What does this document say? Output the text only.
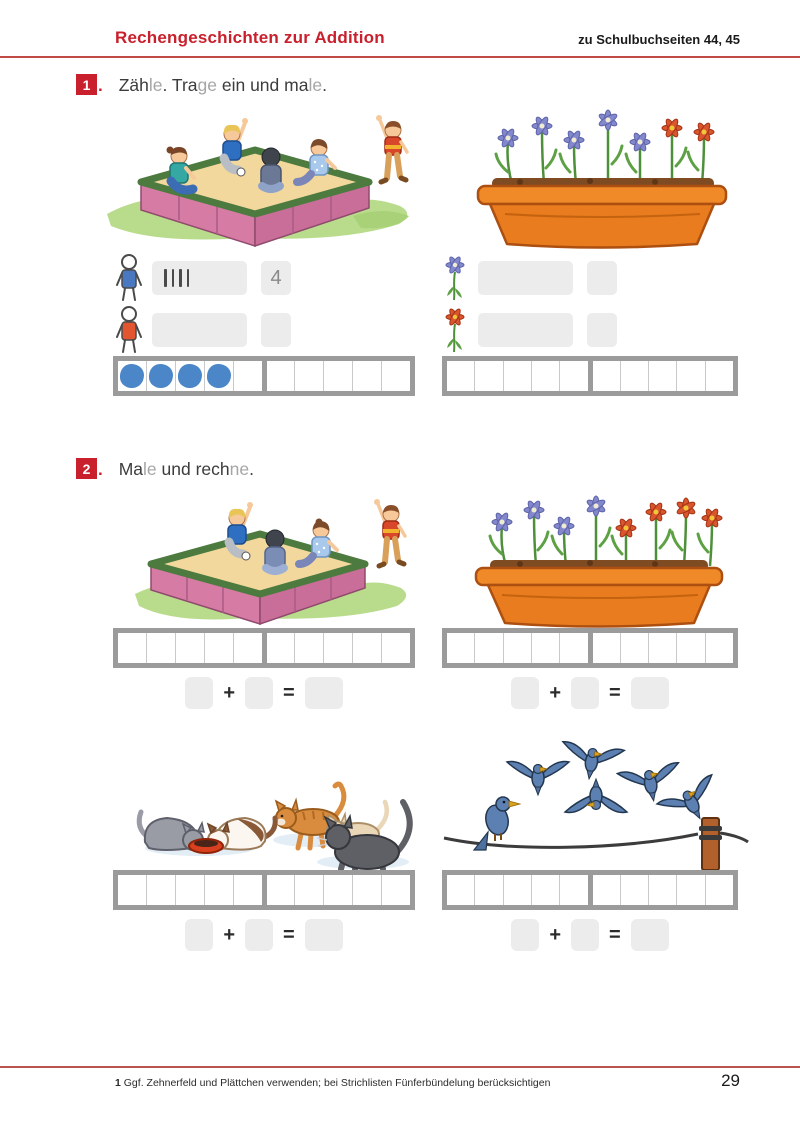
Rechengeschichten zur Addition	zu Schulbuchseiten 44, 45
1 . Zähle. Trage ein und male.
4
2 . Male und rechne.
+ =	+ =
+ =	+ =
1 Ggf. Zehnerfeld und Plättchen verwenden; bei Strichlisten Fünferbündelung berücksichtigen	29
